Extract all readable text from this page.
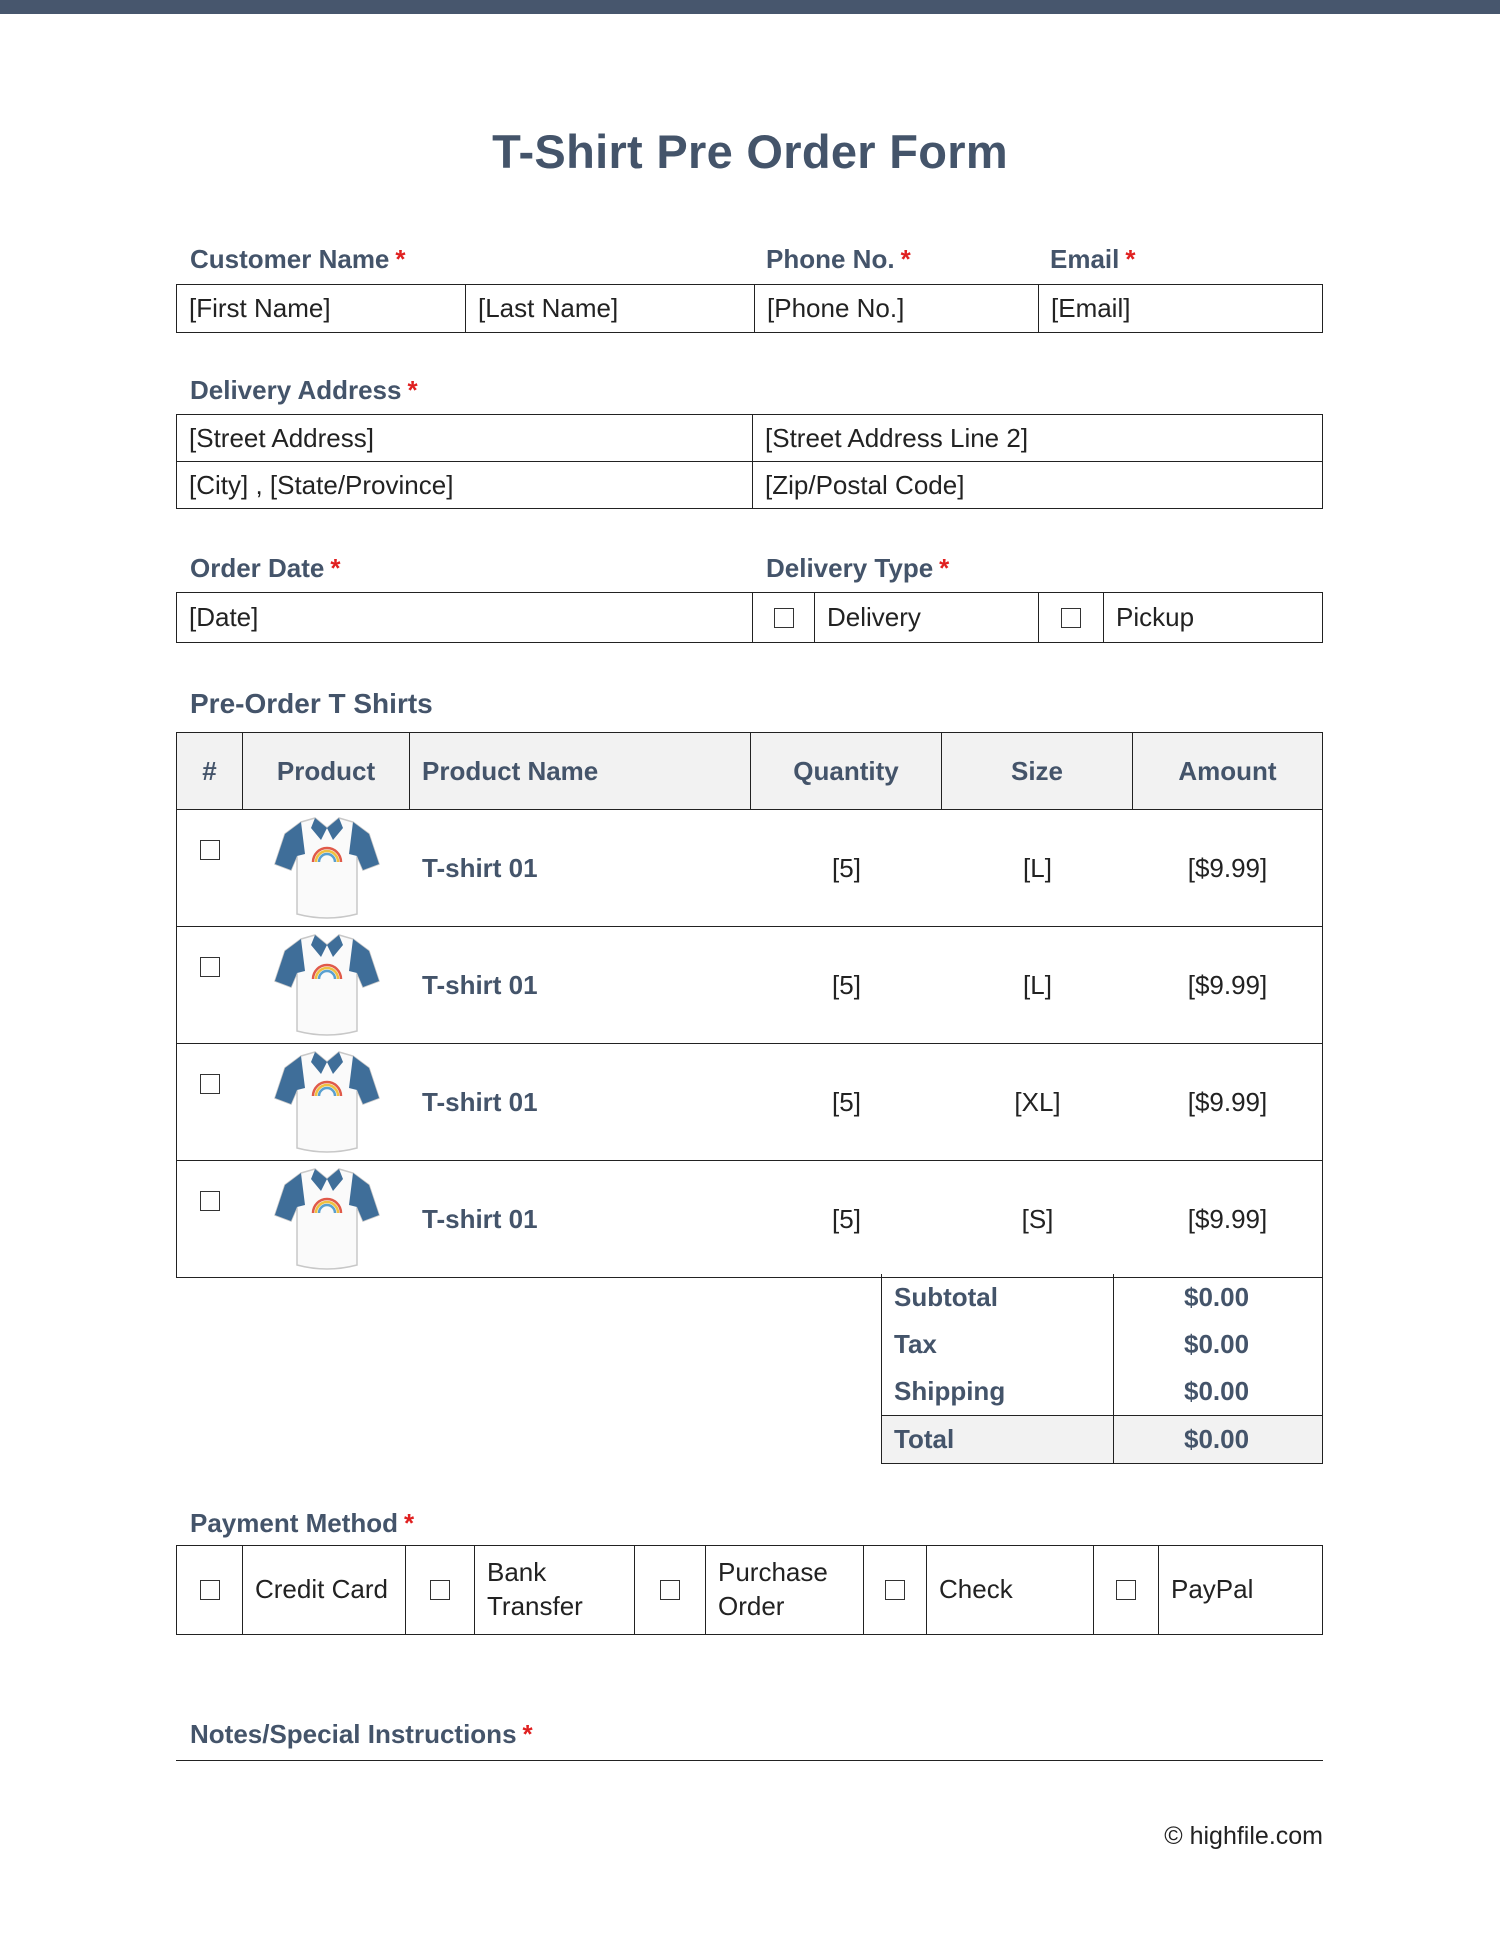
T-Shirt Pre Order Form
Customer Name *	Phone No. *	Email *
[First Name]	[Last Name]	[Phone No.]	[Email]
Delivery Address *
[Street Address]	[Street Address Line 2]
[City] , [State/Province]	[Zip/Postal Code]
Order Date *	Delivery Type *
[Date]	Delivery	Pickup
Pre-Order T Shirts
#	Product	Product Name	Quantity	Size	Amount
T-shirt 01	[5]	[L]	[$9.99]
T-shirt 01	[5]	[L]	[$9.99]
T-shirt 01	[5]	[XL]	[$9.99]
T-shirt 01	[5]	[S]	[$9.99]
Subtotal	$0.00
Tax	$0.00
Shipping	$0.00
Total	$0.00
Payment Method *
Credit Card
Bank Transfer
Purchase Order
Check	PayPal
Notes/Special Instructions *
© highfile.com
